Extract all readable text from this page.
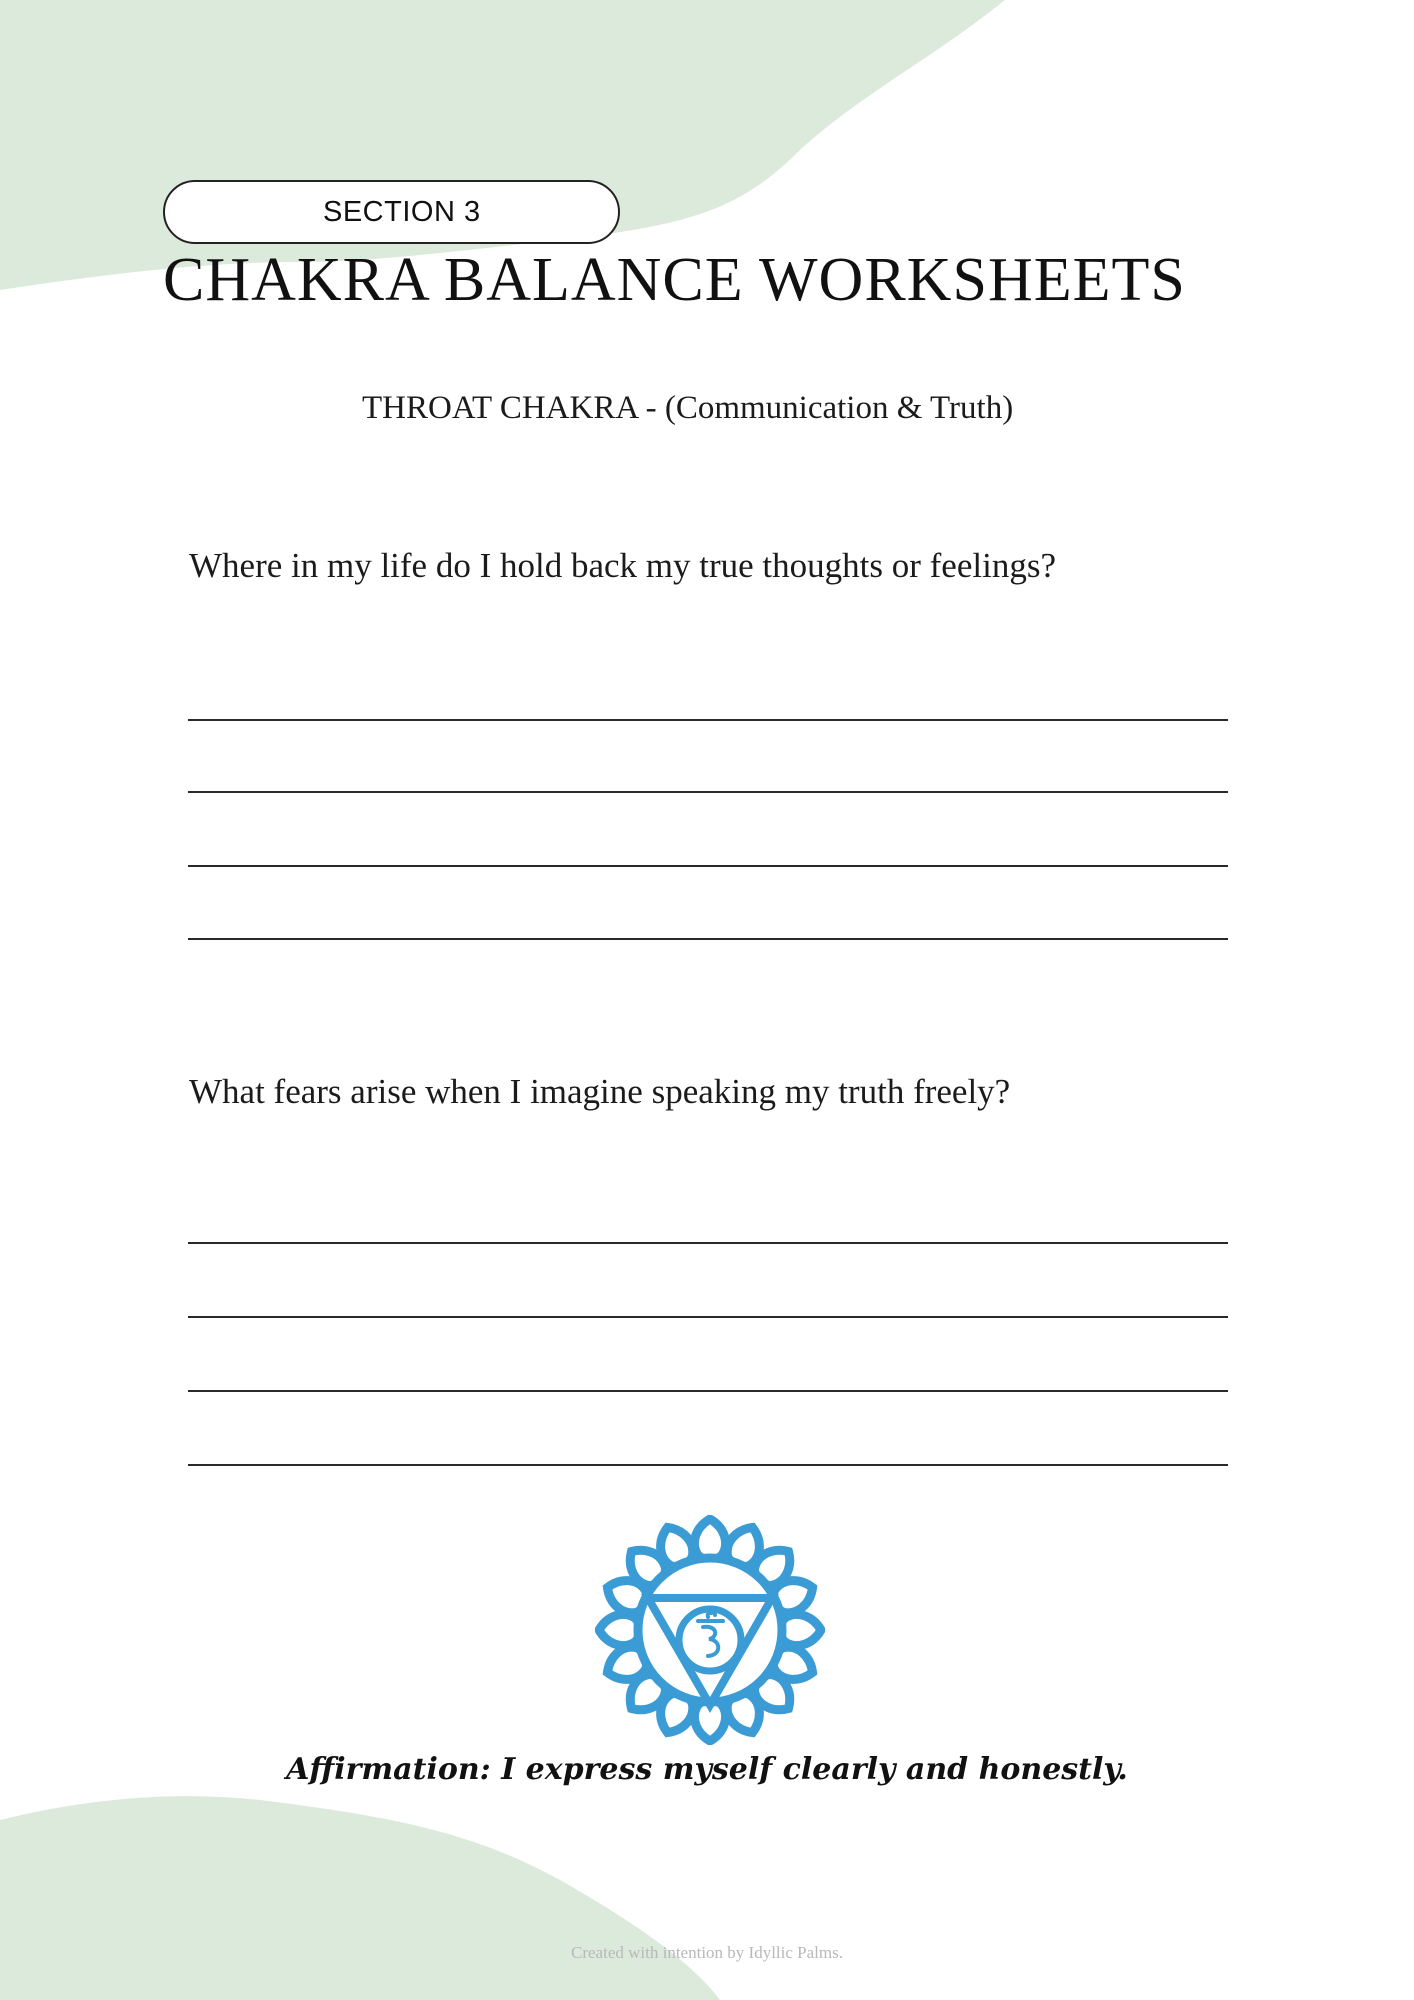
SECTION 3
CHAKRA BALANCE WORKSHEETS
THROAT CHAKRA - (Communication & Truth)
Where in my life do I hold back my true thoughts or feelings?
What fears arise when I imagine speaking my truth freely?
Affirmation: I express myself clearly and honestly.
Created with intention by Idyllic Palms.
